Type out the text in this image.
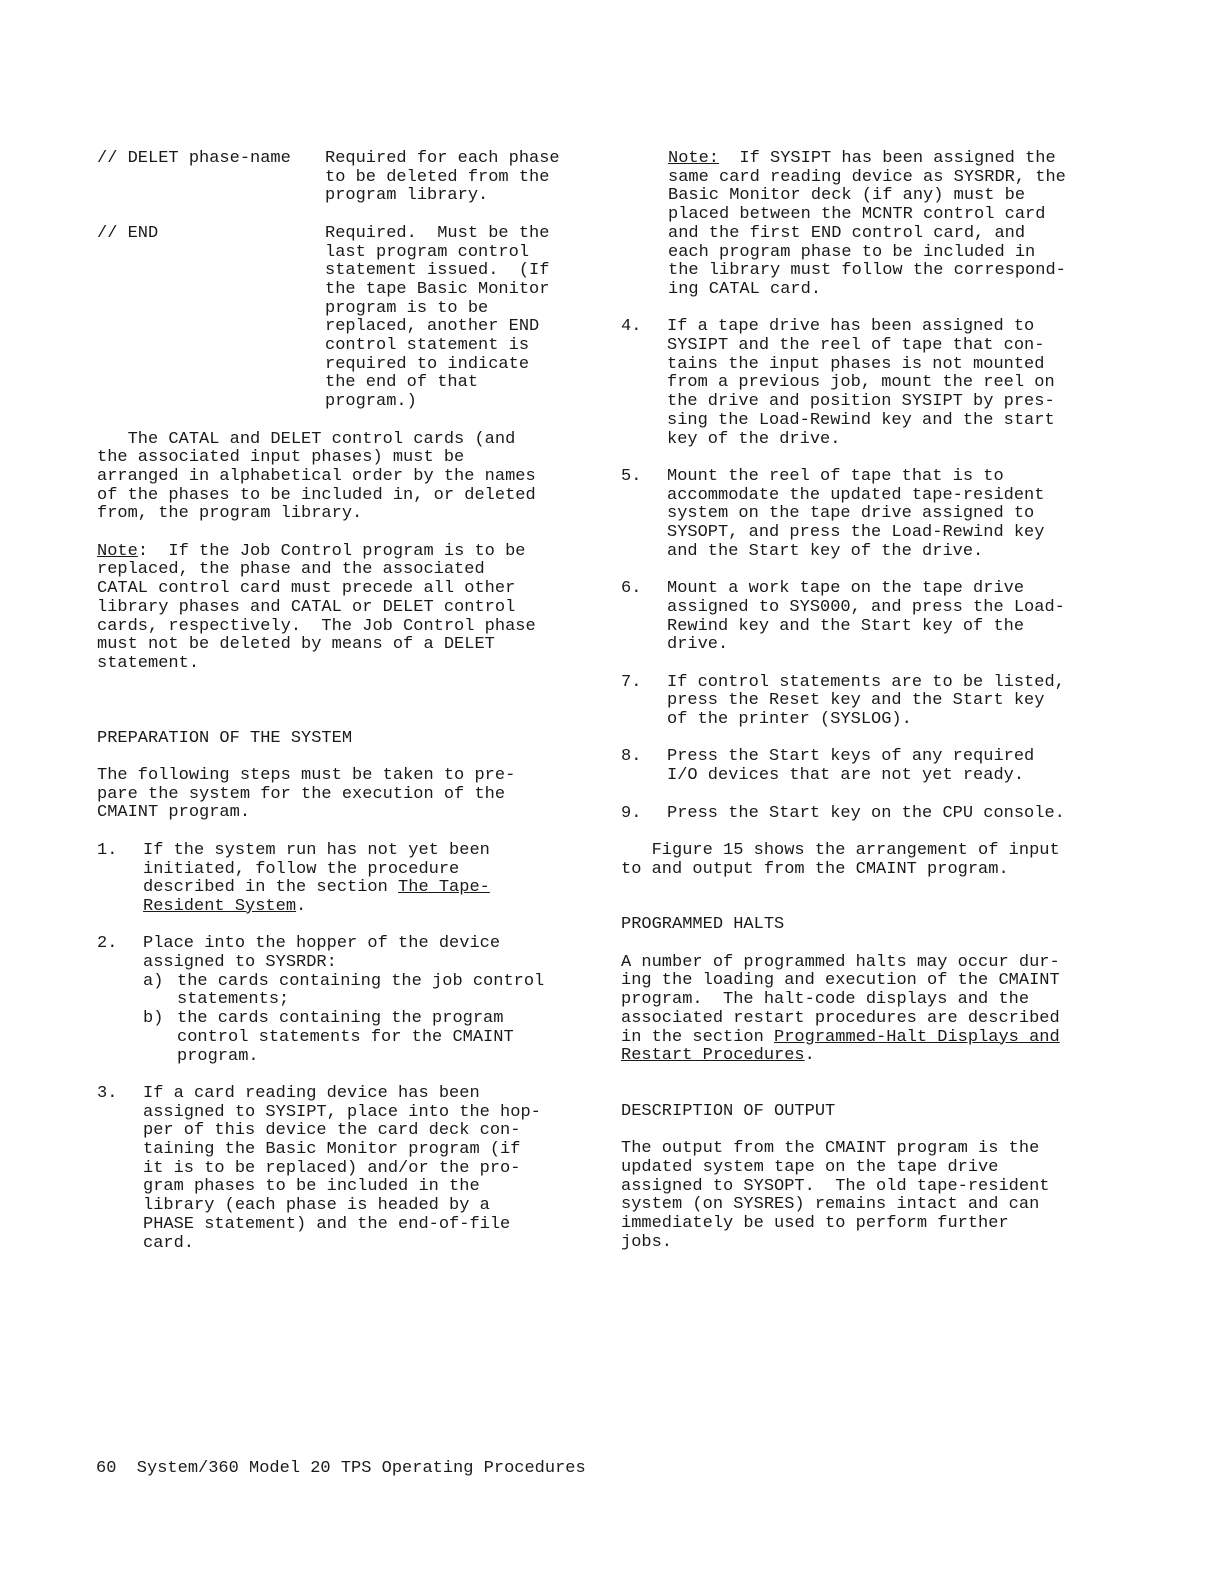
// DELET phase-name	Required for each phase
to be deleted from the
program library.
// END	Required.  Must be the
last program control
statement issued.  (If
the tape Basic Monitor
program is to be
replaced, another END
control statement is
required to indicate
the end of that
program.)
The CATAL and DELET control cards (and
the associated input phases) must be
arranged in alphabetical order by the names
of the phases to be included in, or deleted
from, the program library.
Note:  If the Job Control program is to be
replaced, the phase and the associated
CATAL control card must precede all other
library phases and CATAL or DELET control
cards, respectively.  The Job Control phase
must not be deleted by means of a DELET
statement.
PREPARATION OF THE SYSTEM
The following steps must be taken to pre-
pare the system for the execution of the
CMAINT program.
1.	If the system run has not yet been
initiated, follow the procedure
described in the section The Tape-
Resident System.
2.	Place into the hopper of the device
assigned to SYSRDR:
a) the cards containing the job control
statements;
b) the cards containing the program
control statements for the CMAINT
program.
3.	If a card reading device has been
assigned to SYSIPT, place into the hop-
per of this device the card deck con-
taining the Basic Monitor program (if
it is to be replaced) and/or the pro-
gram phases to be included in the
library (each phase is headed by a
PHASE statement) and the end-of-file
card.
Note:  If SYSIPT has been assigned the
same card reading device as SYSRDR, the
Basic Monitor deck (if any) must be
placed between the MCNTR control card
and the first END control card, and
each program phase to be included in
the library must follow the correspond-
ing CATAL card.
4.	If a tape drive has been assigned to
SYSIPT and the reel of tape that con-
tains the input phases is not mounted
from a previous job, mount the reel on
the drive and position SYSIPT by pres-
sing the Load-Rewind key and the start
key of the drive.
5.	Mount the reel of tape that is to
accommodate the updated tape-resident
system on the tape drive assigned to
SYSOPT, and press the Load-Rewind key
and the Start key of the drive.
6.	Mount a work tape on the tape drive
assigned to SYS000, and press the Load-
Rewind key and the Start key of the
drive.
7.	If control statements are to be listed,
press the Reset key and the Start key
of the printer (SYSLOG).
8.	Press the Start keys of any required
I/O devices that are not yet ready.
9.	Press the Start key on the CPU console.
Figure 15 shows the arrangement of input
to and output from the CMAINT program.
PROGRAMMED HALTS
A number of programmed halts may occur dur-
ing the loading and execution of the CMAINT
program.  The halt-code displays and the
associated restart procedures are described
in the section Programmed-Halt Displays and
Restart Procedures.
DESCRIPTION OF OUTPUT
The output from the CMAINT program is the
updated system tape on the tape drive
assigned to SYSOPT.  The old tape-resident
system (on SYSRES) remains intact and can
immediately be used to perform further
jobs.
60  System/360 Model 20 TPS Operating Procedures
